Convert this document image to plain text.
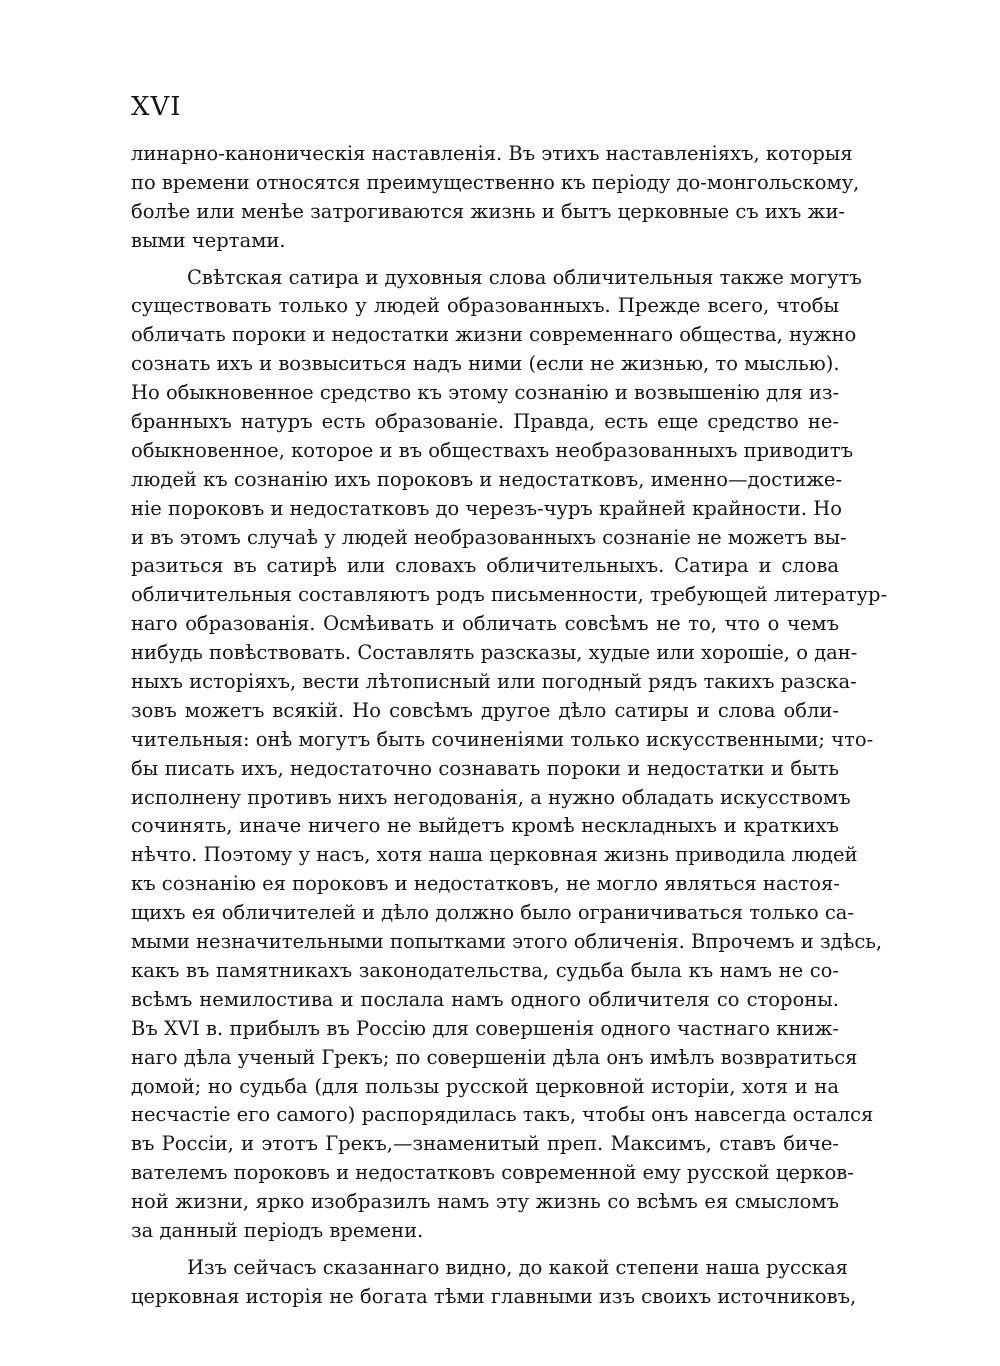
XVI
линарно-каноническія наставленія. Въ этихъ наставленіяхъ, которыя
по времени относятся преимущественно къ періоду до-монгольскому,
болѣе или менѣе затрогиваются жизнь и бытъ церковные съ ихъ жи-
выми чертами.
Свѣтская сатира и духовныя слова обличительныя также могутъ
существовать только у людей образованныхъ. Прежде всего, чтобы
обличать пороки и недостатки жизни современнаго общества, нужно
сознать ихъ и возвыситься надъ ними (если не жизнью, то мыслью).
Но обыкновенное средство къ этому сознанію и возвышенію для из-
бранныхъ натуръ есть образованіе. Правда, есть еще средство не-
обыкновенное, которое и въ обществахъ необразованныхъ приводитъ
людей къ сознанію ихъ пороковъ и недостатковъ, именно—достиже-
ніе пороковъ и недостатковъ до черезъ-чуръ крайней крайности. Но
и въ этомъ случаѣ у людей необразованныхъ сознаніе не можетъ вы-
разиться въ сатирѣ или словахъ обличительныхъ. Сатира и слова
обличительныя составляютъ родъ письменности, требующей литератур-
наго образованія. Осмѣивать и обличать совсѣмъ не то, что о чемъ
нибудь повѣствовать. Составлять разсказы, худые или хорошіе, о дан-
ныхъ исторіяхъ, вести лѣтописный или погодный рядъ такихъ разска-
зовъ можетъ всякій. Но совсѣмъ другое дѣло сатиры и слова обли-
чительныя: онѣ могутъ быть сочиненіями только искусственными; что-
бы писать ихъ, недостаточно сознавать пороки и недостатки и быть
исполнену противъ нихъ негодованія, а нужно обладать искусствомъ
сочинять, иначе ничего не выйдетъ кромѣ нескладныхъ и краткихъ
нѣчто. Поэтому у насъ, хотя наша церковная жизнь приводила людей
къ сознанію ея пороковъ и недостатковъ, не могло являться настоя-
щихъ ея обличителей и дѣло должно было ограничиваться только са-
мыми незначительными попытками этого обличенія. Впрочемъ и здѣсь,
какъ въ памятникахъ законодательства, судьба была къ намъ не со-
всѣмъ немилостива и послала намъ одного обличителя со стороны.
Въ XVI в. прибылъ въ Россію для совершенія одного частнаго книж-
наго дѣла ученый Грекъ; по совершеніи дѣла онъ имѣлъ возвратиться
домой; но судьба (для пользы русской церковной исторіи, хотя и на
несчастіе его самого) распорядилась такъ, чтобы онъ навсегда остался
въ Россіи, и этотъ Грекъ,—знаменитый преп. Максимъ, ставъ биче-
вателемъ пороковъ и недостатковъ современной ему русской церков-
ной жизни, ярко изобразилъ намъ эту жизнь со всѣмъ ея смысломъ
за данный періодъ времени.
Изъ сейчасъ сказаннаго видно, до какой степени наша русская
церковная исторія не богата тѣми главными изъ своихъ источниковъ,
